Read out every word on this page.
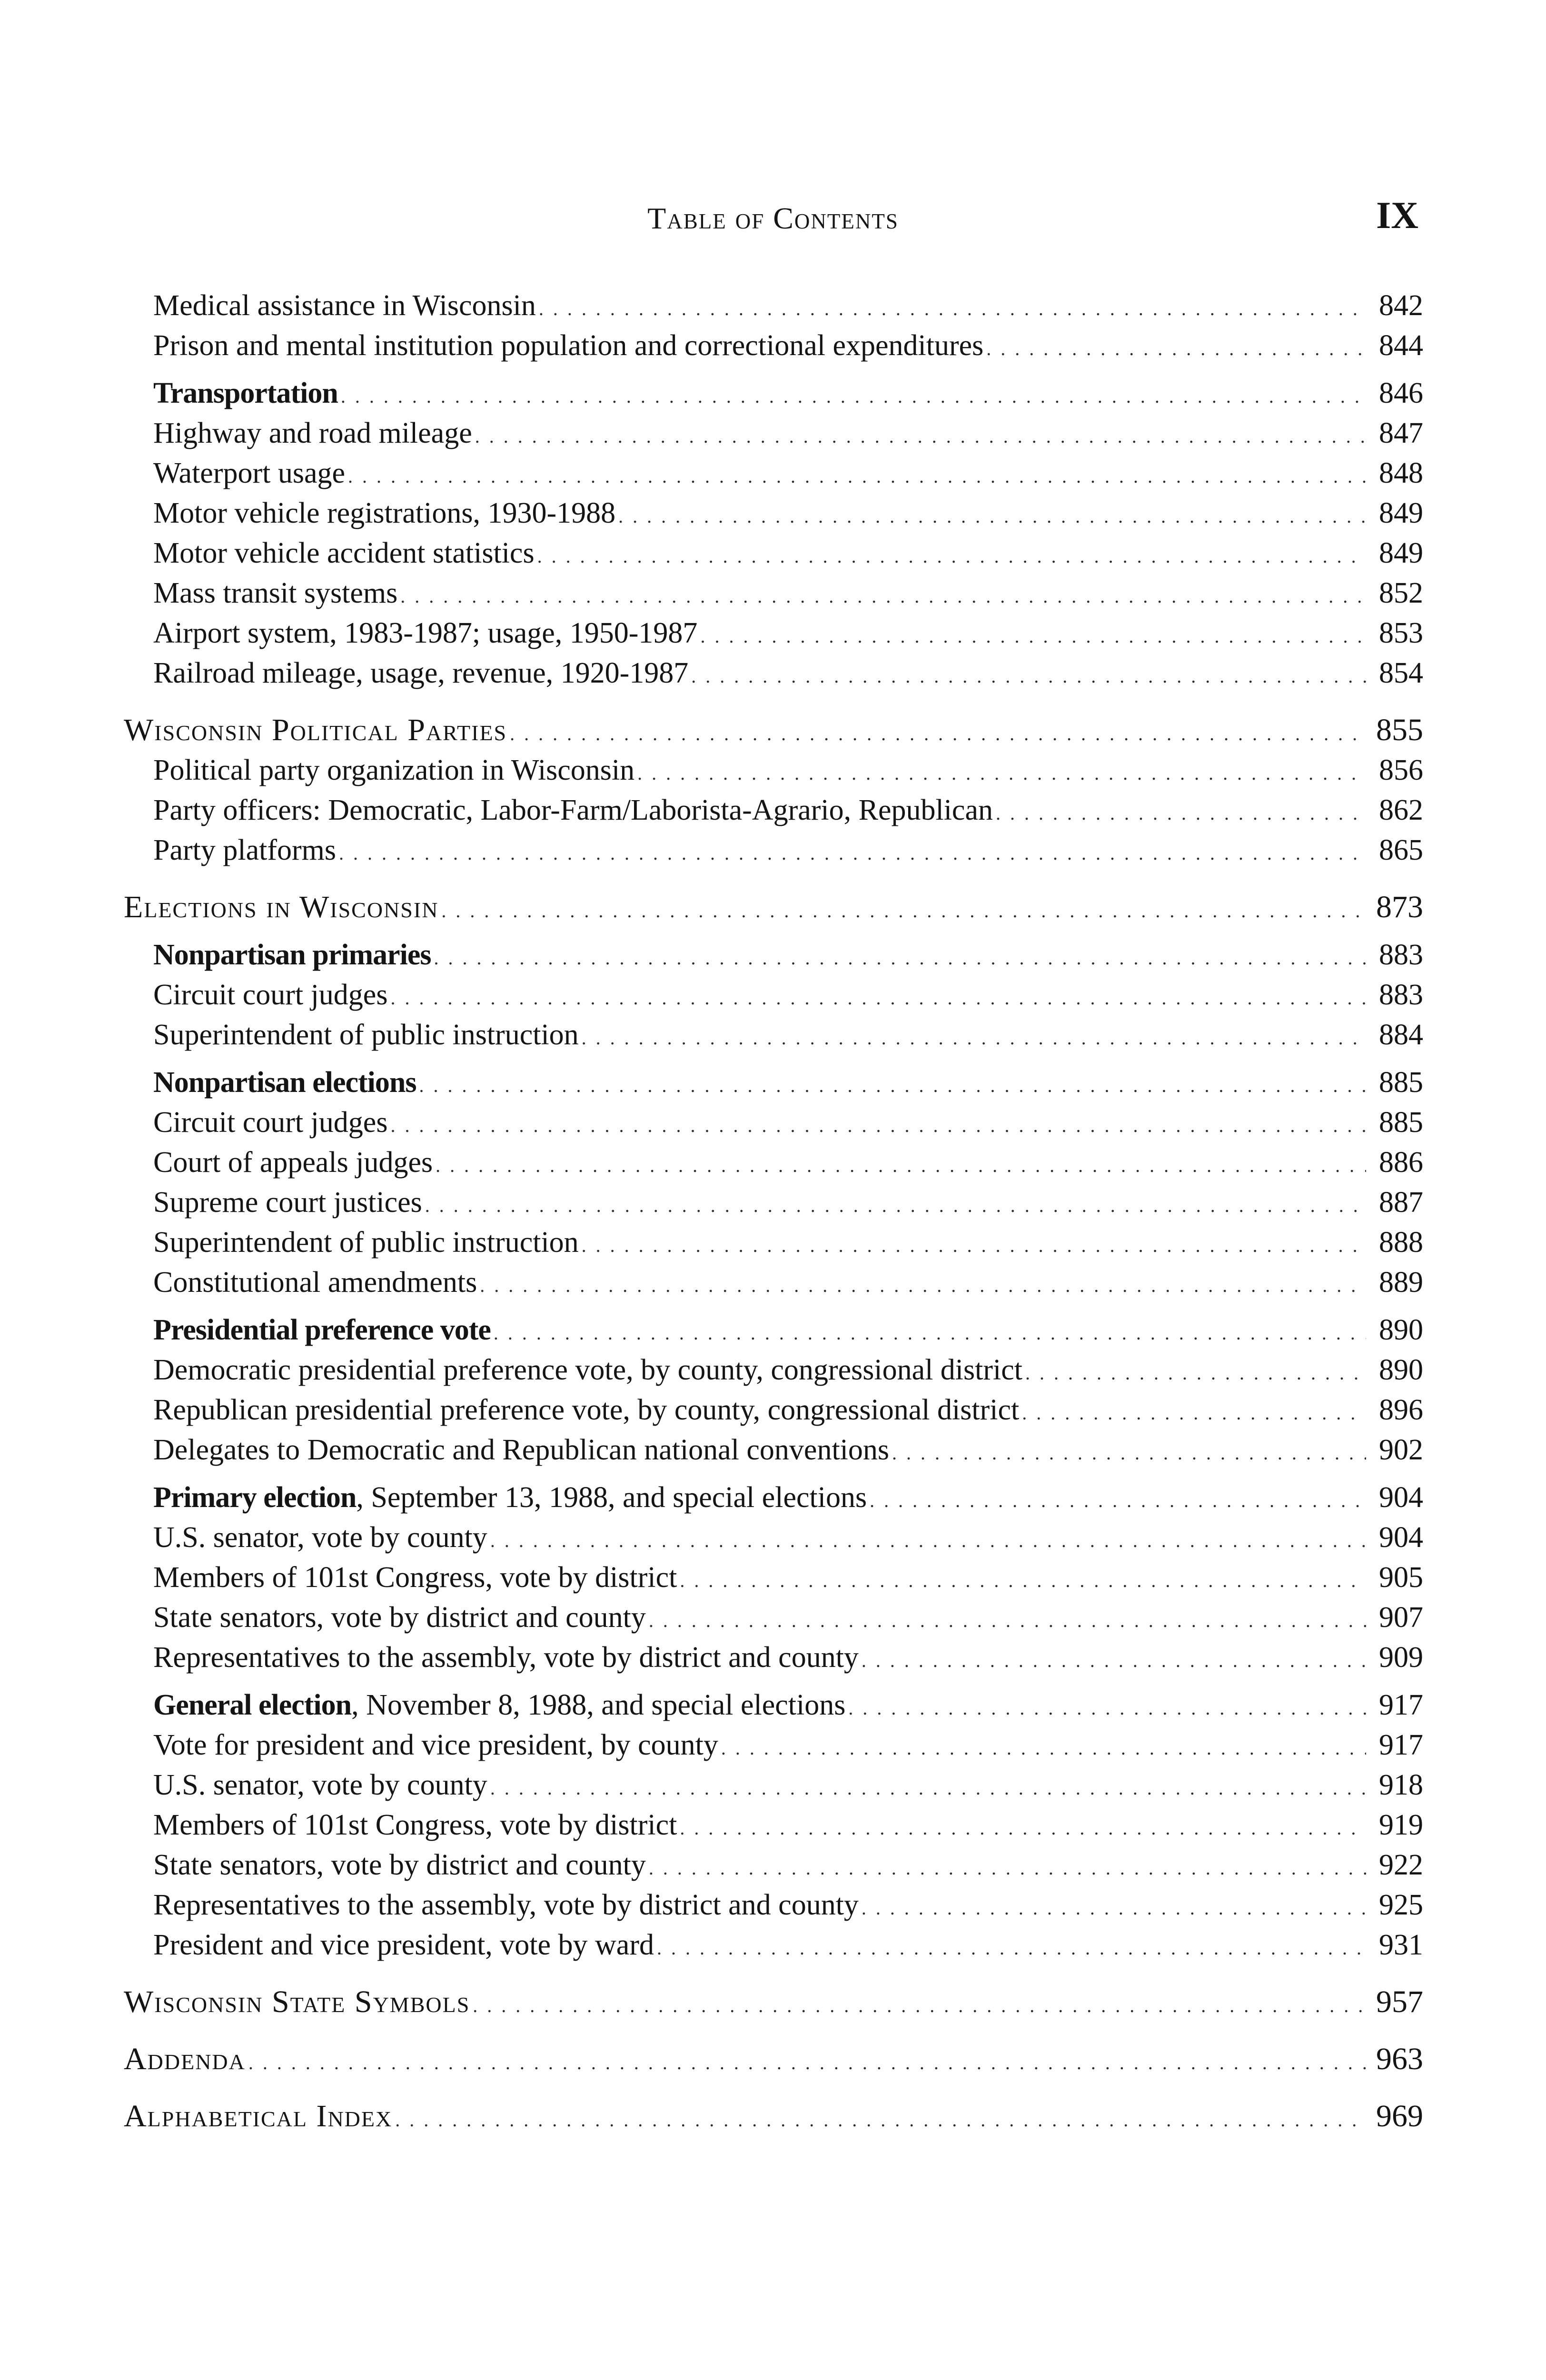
Table of Contents	IX
Medical assistance in Wisconsin . . .	842
Prison and mental institution population and correctional expenditures . . .	844
Transportation . . .	846
Highway and road mileage . . .	847
Waterport usage . . .	848
Motor vehicle registrations, 1930-1988 . . .	849
Motor vehicle accident statistics . . .	849
Mass transit systems . . .	852
Airport system, 1983-1987; usage, 1950-1987 . . .	853
Railroad mileage, usage, revenue, 1920-1987 . . .	854
Wisconsin Political Parties . . .	855
Political party organization in Wisconsin . . .	856
Party officers: Democratic, Labor-Farm/Laborista-Agrario, Republican . . .	862
Party platforms . . .	865
Elections in Wisconsin . . .	873
Nonpartisan primaries . . .	883
Circuit court judges . . .	883
Superintendent of public instruction . . .	884
Nonpartisan elections . . .	885
Circuit court judges . . .	885
Court of appeals judges . . .	886
Supreme court justices . . .	887
Superintendent of public instruction . . .	888
Constitutional amendments . . .	889
Presidential preference vote . . .	890
Democratic presidential preference vote, by county, congressional district . . .	890
Republican presidential preference vote, by county, congressional district . . .	896
Delegates to Democratic and Republican national conventions . . .	902
Primary election, September 13, 1988, and special elections . . .	904
U.S. senator, vote by county . . .	904
Members of 101st Congress, vote by district . . .	905
State senators, vote by district and county . . .	907
Representatives to the assembly, vote by district and county . . .	909
General election, November 8, 1988, and special elections . . .	917
Vote for president and vice president, by county . . .	917
U.S. senator, vote by county . . .	918
Members of 101st Congress, vote by district . . .	919
State senators, vote by district and county . . .	922
Representatives to the assembly, vote by district and county . . .	925
President and vice president, vote by ward . . .	931
Wisconsin State Symbols . . .	957
Addenda . . .	963
Alphabetical Index . . .	969
